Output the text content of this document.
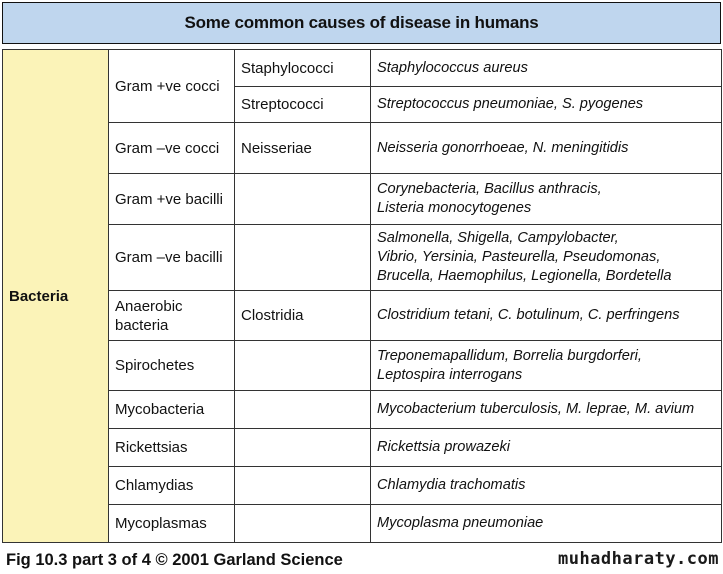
Some common causes of disease in humans
Bacteria	Gram +ve cocci	Staphylococci	Staphylococcus aureus
		Streptococci	Streptococcus pneumoniae, S. pyogenes
	Gram –ve cocci	Neisseriae	Neisseria gonorrhoeae, N. meningitidis
	Gram +ve bacilli		Corynebacteria, Bacillus anthracis,
Listeria monocytogenes
	Gram –ve bacilli		Salmonella, Shigella, Campylobacter,
Vibrio, Yersinia, Pasteurella, Pseudomonas,
Brucella, Haemophilus, Legionella, Bordetella
	Anaerobic
bacteria	Clostridia	Clostridium tetani, C. botulinum, C. perfringens
	Spirochetes		Treponemapallidum, Borrelia burgdorferi,
Leptospira interrogans
	Mycobacteria		Mycobacterium tuberculosis, M. leprae, M. avium
	Rickettsias		Rickettsia prowazeki
	Chlamydias		Chlamydia trachomatis
	Mycoplasmas		Mycoplasma pneumoniae
Fig 10.3 part 3 of 4 © 2001 Garland Science	muhadharaty.com
